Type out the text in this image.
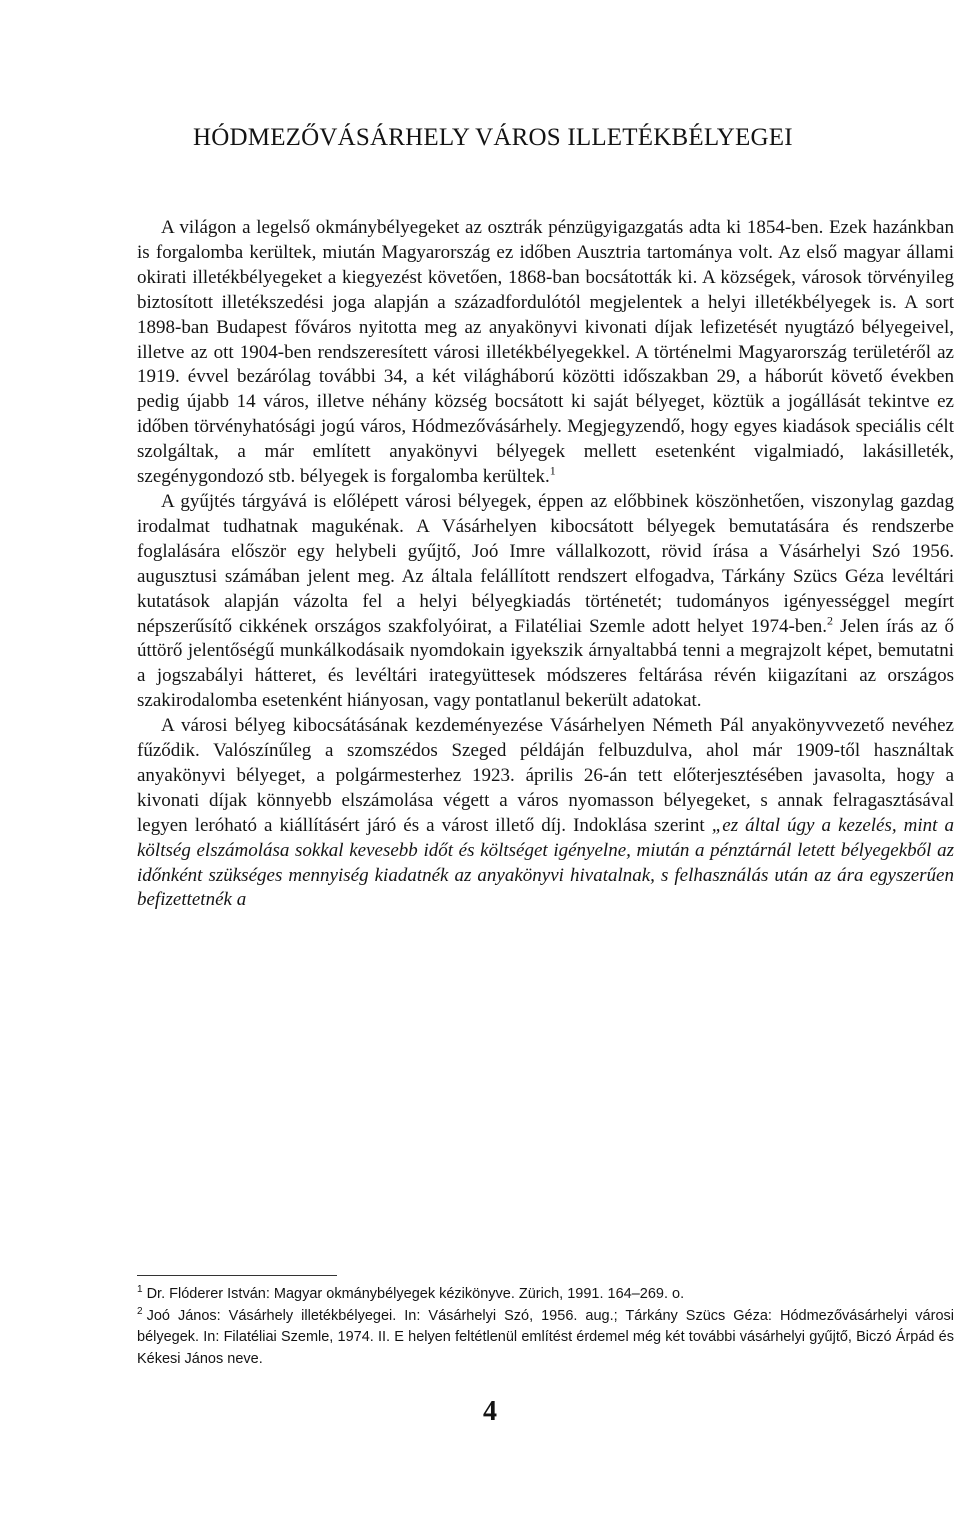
HÓDMEZŐVÁSÁRHELY VÁROS ILLETÉKBÉLYEGEI

A világon a legelső okmánybélyegeket az osztrák pénzügyigazgatás adta ki 1854-ben. Ezek hazánkban is forgalomba kerültek, miután Magyarország ez időben Ausztria tartománya volt. Az első magyar állami okirati illetékbélyegeket a kiegyezést követően, 1868-ban bocsátották ki. A községek, városok törvényileg biztosított illetékszedési joga alapján a századfordulótól megjelentek a helyi illetékbélyegek is. A sort 1898-ban Budapest főváros nyitotta meg az anyakönyvi kivonati díjak lefizetését nyugtázó bélyegeivel, illetve az ott 1904-ben rendszeresített városi illetékbélyegekkel. A történelmi Magyarország területéről az 1919. évvel bezárólag további 34, a két világháború közötti időszakban 29, a háborút követő években pedig újabb 14 város, illetve néhány község bocsátott ki saját bélyeget, köztük a jogállását tekintve ez időben törvényhatósági jogú város, Hódmezővásárhely. Megjegyzendő, hogy egyes kiadások speciális célt szolgáltak, a már említett anyakönyvi bélyegek mellett esetenként vigalmiadó, lakásilleték, szegénygondozó stb. bélyegek is forgalomba kerültek.$^1$

A gyűjtés tárgyává is előlépett városi bélyegek, éppen az előbbinek köszönhetően, viszonylag gazdag irodalmat tudhatnak magukénak. A Vásárhelyen kibocsátott bélyegek bemutatására és rendszerbe foglalására először egy helybeli gyűjtő, Joó Imre vállalkozott, rövid írása a Vásárhelyi Szó 1956. augusztusi számában jelent meg. Az általa felállított rendszert elfogadva, Tárkány Szücs Géza levéltári kutatások alapján vázolta fel a helyi bélyegkiadás történetét; tudományos igényességgel megírt népszerűsítő cikkének országos szakfolyóirat, a Filatéliai Szemle adott helyet 1974-ben.$^2$ Jelen írás az ő úttörő jelentőségű munkálkodásaik nyomdokain igyekszik árnyaltabbá tenni a megrajzolt képet, bemutatni a jogszabályi hátteret, és levéltári irategyüttesek módszeres feltárása révén kiigazítani az országos szakirodalomba esetenként hiányosan, vagy pontatlanul bekerült adatokat.

A városi bélyeg kibocsátásának kezdeményezése Vásárhelyen Németh Pál anyakönyvvezető nevéhez fűződik. Valószínűleg a szomszédos Szeged példáján felbuzdulva, ahol már 1909-től használtak anyakönyvi bélyeget, a polgármesterhez 1923. április 26-án tett előterjesztésében javasolta, hogy a kivonati díjak könnyebb elszámolása végett a város nyomasson bélyegeket, s annak felragasztásával legyen leróható a kiállításért járó és a várost illető díj. Indoklása szerint „ez által úgy a kezelés, mint a költség elszámolása sokkal kevesebb időt és költséget igényelne, miután a pénztárnál letett bélyegekből az időnként szükséges mennyiség kiadatnék az anyakönyvi hivatalnak, s felhasználás után az ára egyszerűen befizettetnék a

$^1$ Dr. Flóderer István: Magyar okmánybélyegek kézikönyve. Zürich, 1991. 164–269. o.

$^2$ Joó János: Vásárhely illetékbélyegei. In: Vásárhelyi Szó, 1956. aug.; Tárkány Szücs Géza: Hódmezővásárhelyi városi bélyegek. In: Filatéliai Szemle, 1974. II. E helyen feltétlenül említést érdemel még két további vásárhelyi gyűjtő, Biczó Árpád és Kékesi János neve.

4
